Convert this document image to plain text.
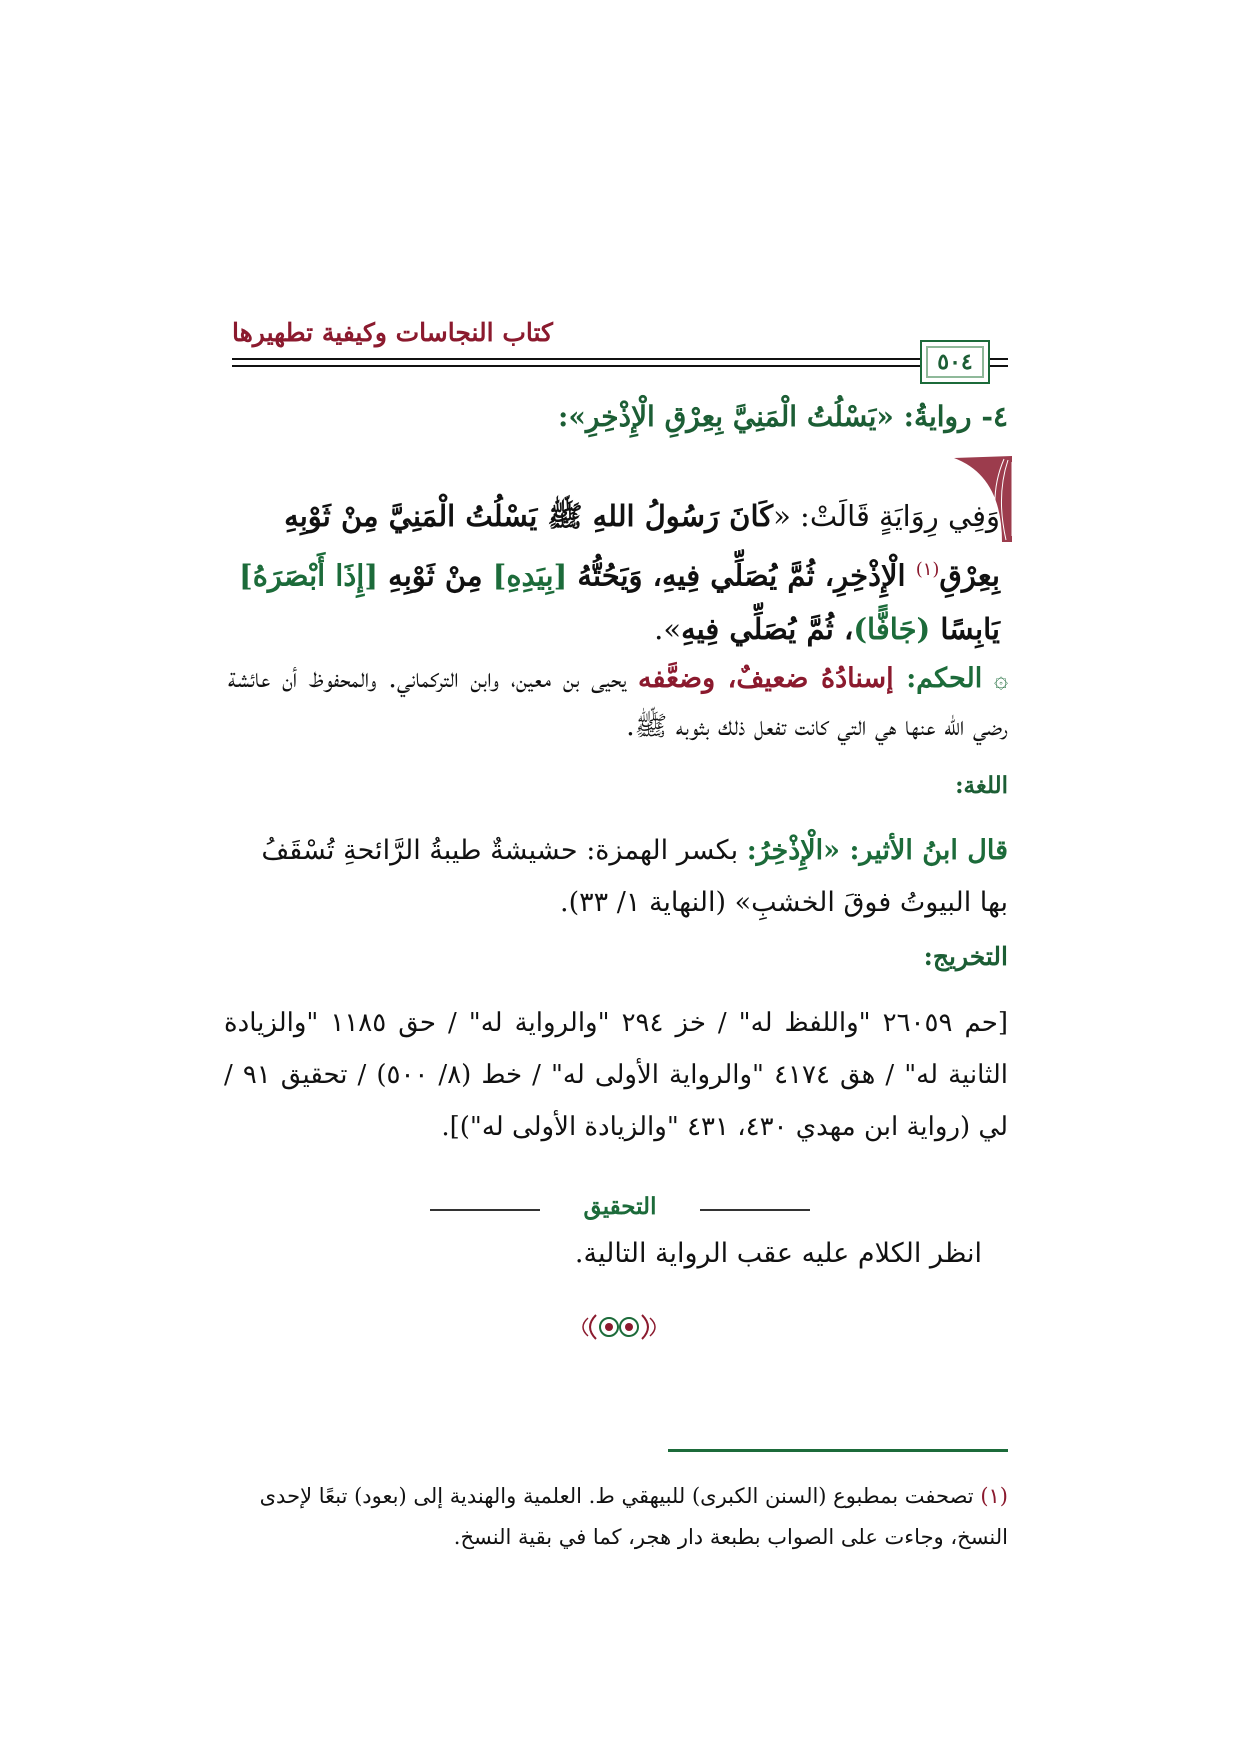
كتاب النجاسات وكيفية تطهيرها
٥٠٤
٤- روايةُ: «يَسْلُتُ الْمَنِيَّ بِعِرْقِ الْإِذْخِرِ»:
وَفِي رِوَايَةٍ قَالَتْ: «كَانَ رَسُولُ اللهِ ﷺ يَسْلُتُ الْمَنِيَّ مِنْ ثَوْبِهِ بِعِرْقِ$^{(١)}$ الْإِذْخِرِ، ثُمَّ يُصَلِّي فِيهِ، وَيَحُتُّهُ [بِيَدِهِ] مِنْ ثَوْبِهِ [إِذَا أَبْصَرَهُ] يَابِسًا (جَافًّا)، ثُمَّ يُصَلِّي فِيهِ».
۞ الحكم: إسنادُهُ ضعيفٌ، وضعَّفه يحيى بن معين، وابن التركماني. والمحفوظ أن عائشة رضي الله عنها هي التي كانت تفعل ذلك بثوبه ﷺ.
اللغة:
قال ابنُ الأثير: «الْإِذْخِرُ: بكسر الهمزة: حشيشةٌ طيبةُ الرَّائحةِ تُسْقَفُ بها البيوتُ فوقَ الخشبِ» (النهاية ١/ ٣٣).
التخريج:
[حم ٢٦٠٥٩ "واللفظ له" / خز ٢٩٤ "والرواية له" / حق ١١٨٥ "والزيادة الثانية له" / هق ٤١٧٤ "والرواية الأولى له" / خط (٨/ ٥٠٠) / تحقيق ٩١ / لي (رواية ابن مهدي ٤٣٠، ٤٣١ "والزيادة الأولى له")].
التحقيق
انظر الكلام عليه عقب الرواية التالية.
(١) تصحفت بمطبوع (السنن الكبرى) للبيهقي ط. العلمية والهندية إلى (بعود) تبعًا لإحدى النسخ، وجاءت على الصواب بطبعة دار هجر، كما في بقية النسخ.
